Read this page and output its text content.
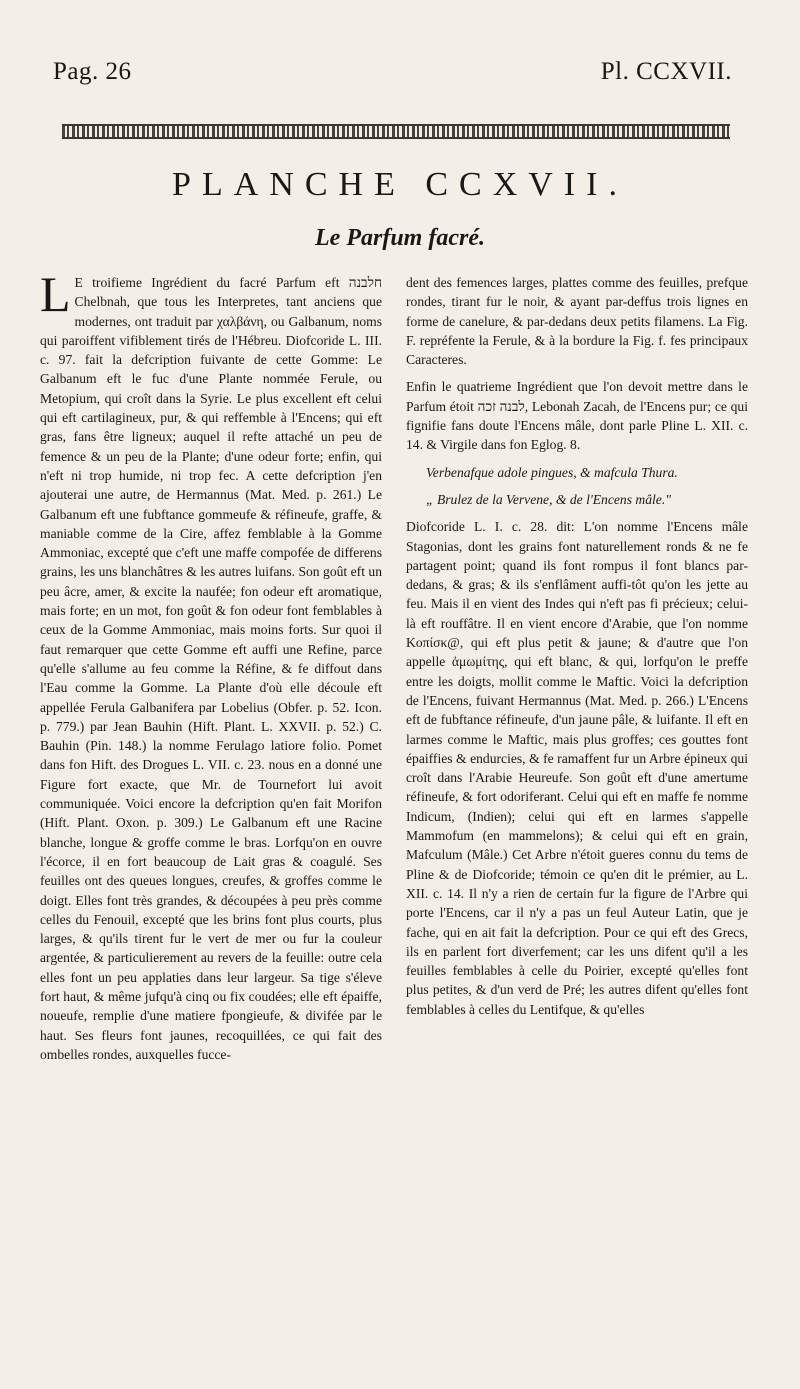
Pag. 26	Pl. CCXVII.
PLANCHE CCXVII.
Le Parfum facré.

LE troifieme Ingrédient du facré Parfum eft חלבנה Chelbnah, que tous les Interpretes, tant anciens que modernes, ont traduit par χαλβάνη, ou Galbanum, noms qui paroiffent vifiblement tirés de l'Hébreu. Diofcoride L. III. c. 97. fait la defcription fuivante de cette Gomme: Le Galbanum eft le fuc d'une Plante nommée Ferule, ou Metopium, qui croît dans la Syrie. Le plus excellent eft celui qui eft cartilagineux, pur, & qui reffemble à l'Encens; qui eft gras, fans être ligneux; auquel il refte attaché un peu de femence & un peu de la Plante; d'une odeur forte; enfin, qui n'eft ni trop humide, ni trop fec. A cette defcription j'en ajouterai une autre, de Hermannus (Mat. Med. p. 261.) Le Galbanum eft une fubftance gommeufe & réfineufe, graffe, & maniable comme de la Cire, affez femblable à la Gomme Ammoniac, excepté que c'eft une maffe compofée de differens grains, les uns blanchâtres & les autres luifans. Son goût eft un peu âcre, amer, & excite la naufée; fon odeur eft aromatique, mais forte; en un mot, fon goût & fon odeur font femblables à ceux de la Gomme Ammoniac, mais moins forts. Sur quoi il faut remarquer que cette Gomme eft auffi une Refine, parce qu'elle s'allume au feu comme la Réfine, & fe diffout dans l'Eau comme la Gomme. La Plante d'où elle découle eft appellée Ferula Galbanifera par Lobelius (Obfer. p. 52. Icon. p. 779.) par Jean Bauhin (Hift. Plant. L. XXVII. p. 52.) C. Bauhin (Pin. 148.) la nomme Ferulago latiore folio. Pomet dans fon Hift. des Drogues L. VII. c. 23. nous en a donné une Figure fort exacte, que Mr. de Tournefort lui avoit communiquée. Voici encore la defcription qu'en fait Morifon (Hift. Plant. Oxon. p. 309.) Le Galbanum eft une Racine blanche, longue & groffe comme le bras. Lorfqu'on en ouvre l'écorce, il en fort beaucoup de Lait gras & coagulé. Ses feuilles ont des queues longues, creufes, & groffes comme le doigt. Elles font très grandes, & découpées à peu près comme celles du Fenouil, excepté que les brins font plus courts, plus larges, & qu'ils tirent fur le vert de mer ou fur la couleur argentée, & particulierement au revers de la feuille: outre cela elles font un peu applaties dans leur largeur. Sa tige s'éleve fort haut, & même jufqu'à cinq ou fix coudées; elle eft épaiffe, noueufe, remplie d'une matiere fpongieufe, & divifée par le haut. Ses fleurs font jaunes, recoquillées, ce qui fait des ombelles rondes, auxquelles fucce-

dent des femences larges, plattes comme des feuilles, prefque rondes, tirant fur le noir, & ayant par-deffus trois lignes en forme de canelure, & par-dedans deux petits filamens. La Fig. F. repréfente la Ferule, & à la bordure la Fig. f. fes principaux Caracteres.

Enfin le quatrieme Ingrédient que l'on devoit mettre dans le Parfum étoit לבנה זכה, Lebonah Zacah, de l'Encens pur; ce qui fignifie fans doute l'Encens mâle, dont parle Pline L. XII. c. 14. & Virgile dans fon Eglog. 8.

Verbenafque adole pingues, & mafcula Thura.

„ Brulez de la Vervene, & de l'Encens mâle."

Diofcoride L. I. c. 28. dit: L'on nomme l'Encens mâle Stagonias, dont les grains font naturellement ronds & ne fe partagent point; quand ils font rompus il font blancs par-dedans, & gras; & ils s'enflâment auffi-tôt qu'on les jette au feu. Mais il en vient des Indes qui n'eft pas fi précieux; celui-là eft rouffâtre. Il en vient encore d'Arabie, que l'on nomme Κοπίσκ@, qui eft plus petit & jaune; & d'autre que l'on appelle ἀμωμίτης, qui eft blanc, & qui, lorfqu'on le preffe entre les doigts, mollit comme le Maftic. Voici la defcription de l'Encens, fuivant Hermannus (Mat. Med. p. 266.) L'Encens eft de fubftance réfineufe, d'un jaune pâle, & luifante. Il eft en larmes comme le Maftic, mais plus groffes; ces gouttes font épaiffies & endurcies, & fe ramaffent fur un Arbre épineux qui croît dans l'Arabie Heureufe. Son goût eft d'une amertume réfineufe, & fort odoriferant. Celui qui eft en maffe fe nomme Indicum, (Indien); celui qui eft en larmes s'appelle Mammofum (en mammelons); & celui qui eft en grain, Mafculum (Mâle.) Cet Arbre n'étoit gueres connu du tems de Pline & de Diofcoride; témoin ce qu'en dit le prémier, au L. XII. c. 14. Il n'y a rien de certain fur la figure de l'Arbre qui porte l'Encens, car il n'y a pas un feul Auteur Latin, que je fache, qui en ait fait la defcription. Pour ce qui eft des Grecs, ils en parlent fort diverfement; car les uns difent qu'il a les feuilles femblables à celle du Poirier, excepté qu'elles font plus petites, & d'un verd de Pré; les autres difent qu'elles font femblables à celles du Lentifque, & qu'elles
